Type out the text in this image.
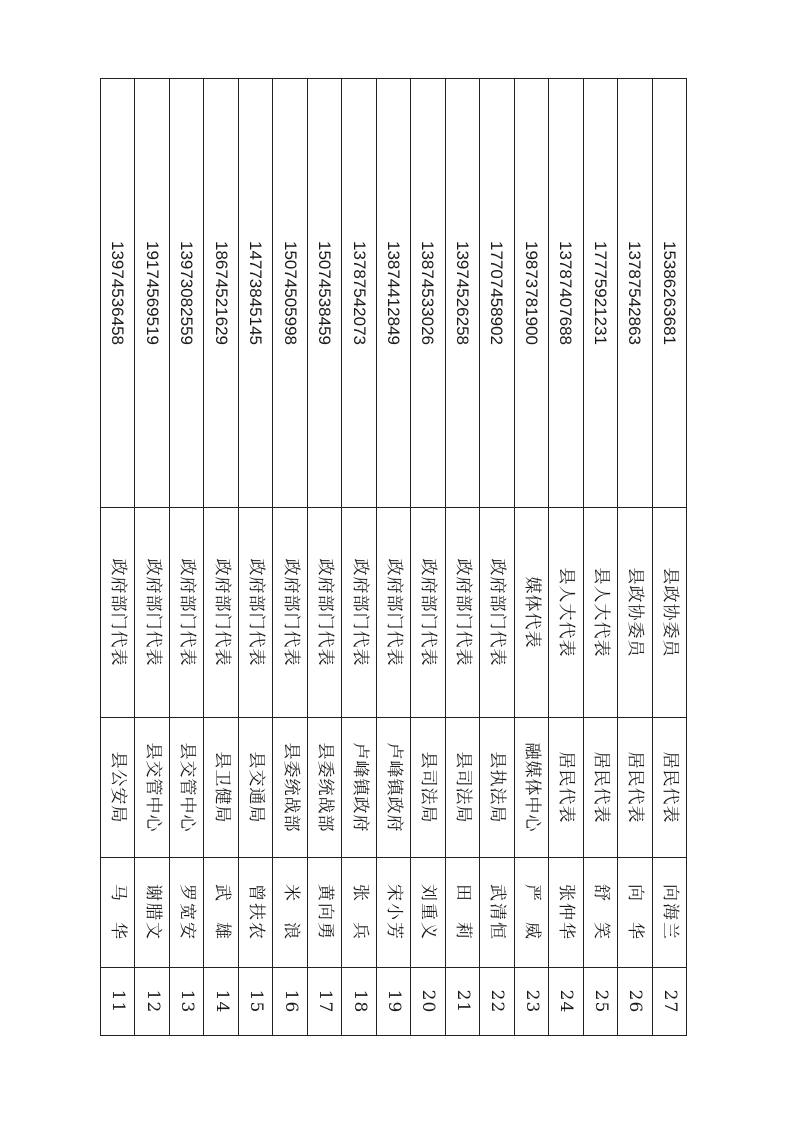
15386263681	县政协委员	居民代表	向海兰	27
13787542863	县政协委员	居民代表	向　华	26
17775921231	县人大代表	居民代表	舒　笑	25
13787407688	县人大代表	居民代表	张仲华	24
19873781900	媒体代表	融媒体中心	严　威	23
17707458902	政府部门代表	县执法局	武清恒	22
13974526258	政府部门代表	县司法局	田　莉	21
13874533026	政府部门代表	县司法局	刘重义	20
13874412849	政府部门代表	卢峰镇政府	宋小芳	19
13787542073	政府部门代表	卢峰镇政府	张　兵	18
15074538459	政府部门代表	县委统战部	黄向勇	17
15074505998	政府部门代表	县委统战部	米　浪	16
14773845145	政府部门代表	县交通局	曾扶农	15
18674521629	政府部门代表	县卫健局	武　雄	14
13973082559	政府部门代表	县交管中心	罗宽安	13
19174569519	政府部门代表	县交管中心	谢腊文	12
13974536458	政府部门代表	县公安局	马　华	11
